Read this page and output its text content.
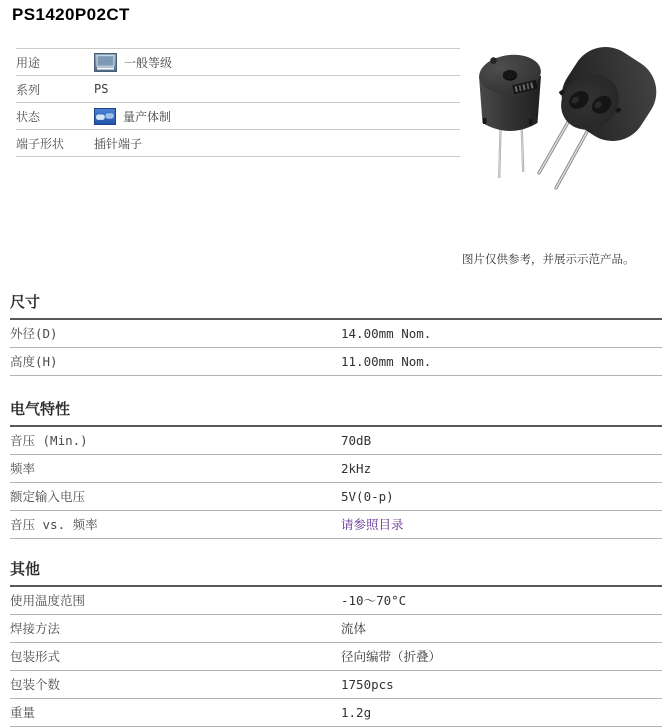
PS1420P02CT
用途	一般等级
系列	PS
状态	量产体制
端子形状	插针端子
图片仅供参考，并展示示范产品。
尺寸
外径(D)	14.00mm Nom.
高度(H)	11.00mm Nom.
电气特性
音压 (Min.)	70dB
频率	2kHz
额定输入电压	5V(0-p)
音压 vs. 频率	请参照目录
其他
使用温度范围	-10～70°C
焊接方法	流体
包装形式	径向编带（折叠）
包装个数	1750pcs
重量	1.2g
